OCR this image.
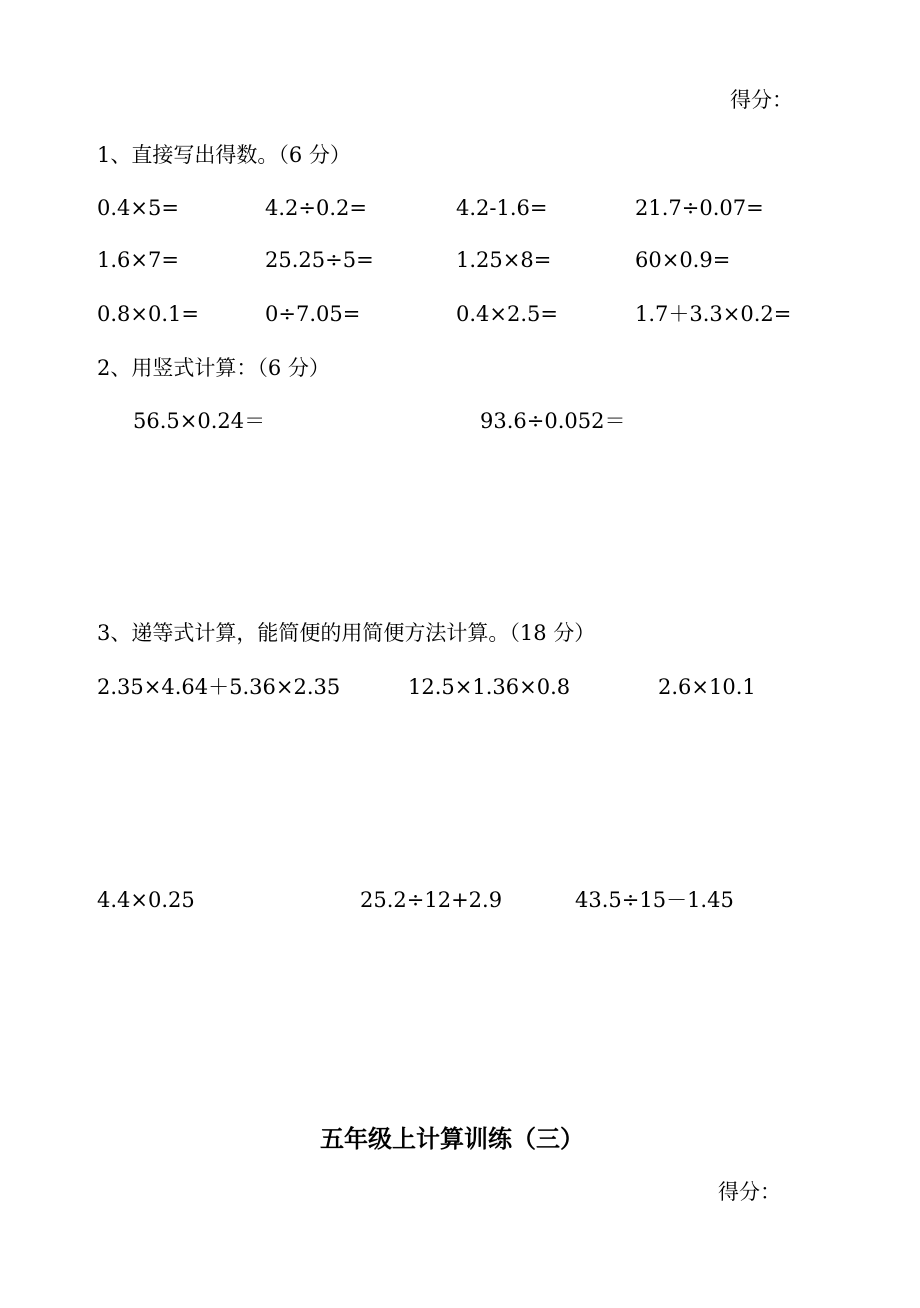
得分：
1、直接写出得数。（6 分）
0.4×5=	4.2÷0.2=	4.2-1.6=	21.7÷0.07=
1.6×7=	25.25÷5=	1.25×8=	60×0.9=
0.8×0.1=	0÷7.05=	0.4×2.5=	1.7＋3.3×0.2=
2、用竖式计算：（6 分）
56.5×0.24＝	93.6÷0.052＝
3、递等式计算，能简便的用简便方法计算。（18 分）
2.35×4.64＋5.36×2.35	12.5×1.36×0.8	2.6×10.1
4.4×0.25	25.2÷12+2.9	43.5÷15－1.45
五年级上计算训练（三）
得分：
